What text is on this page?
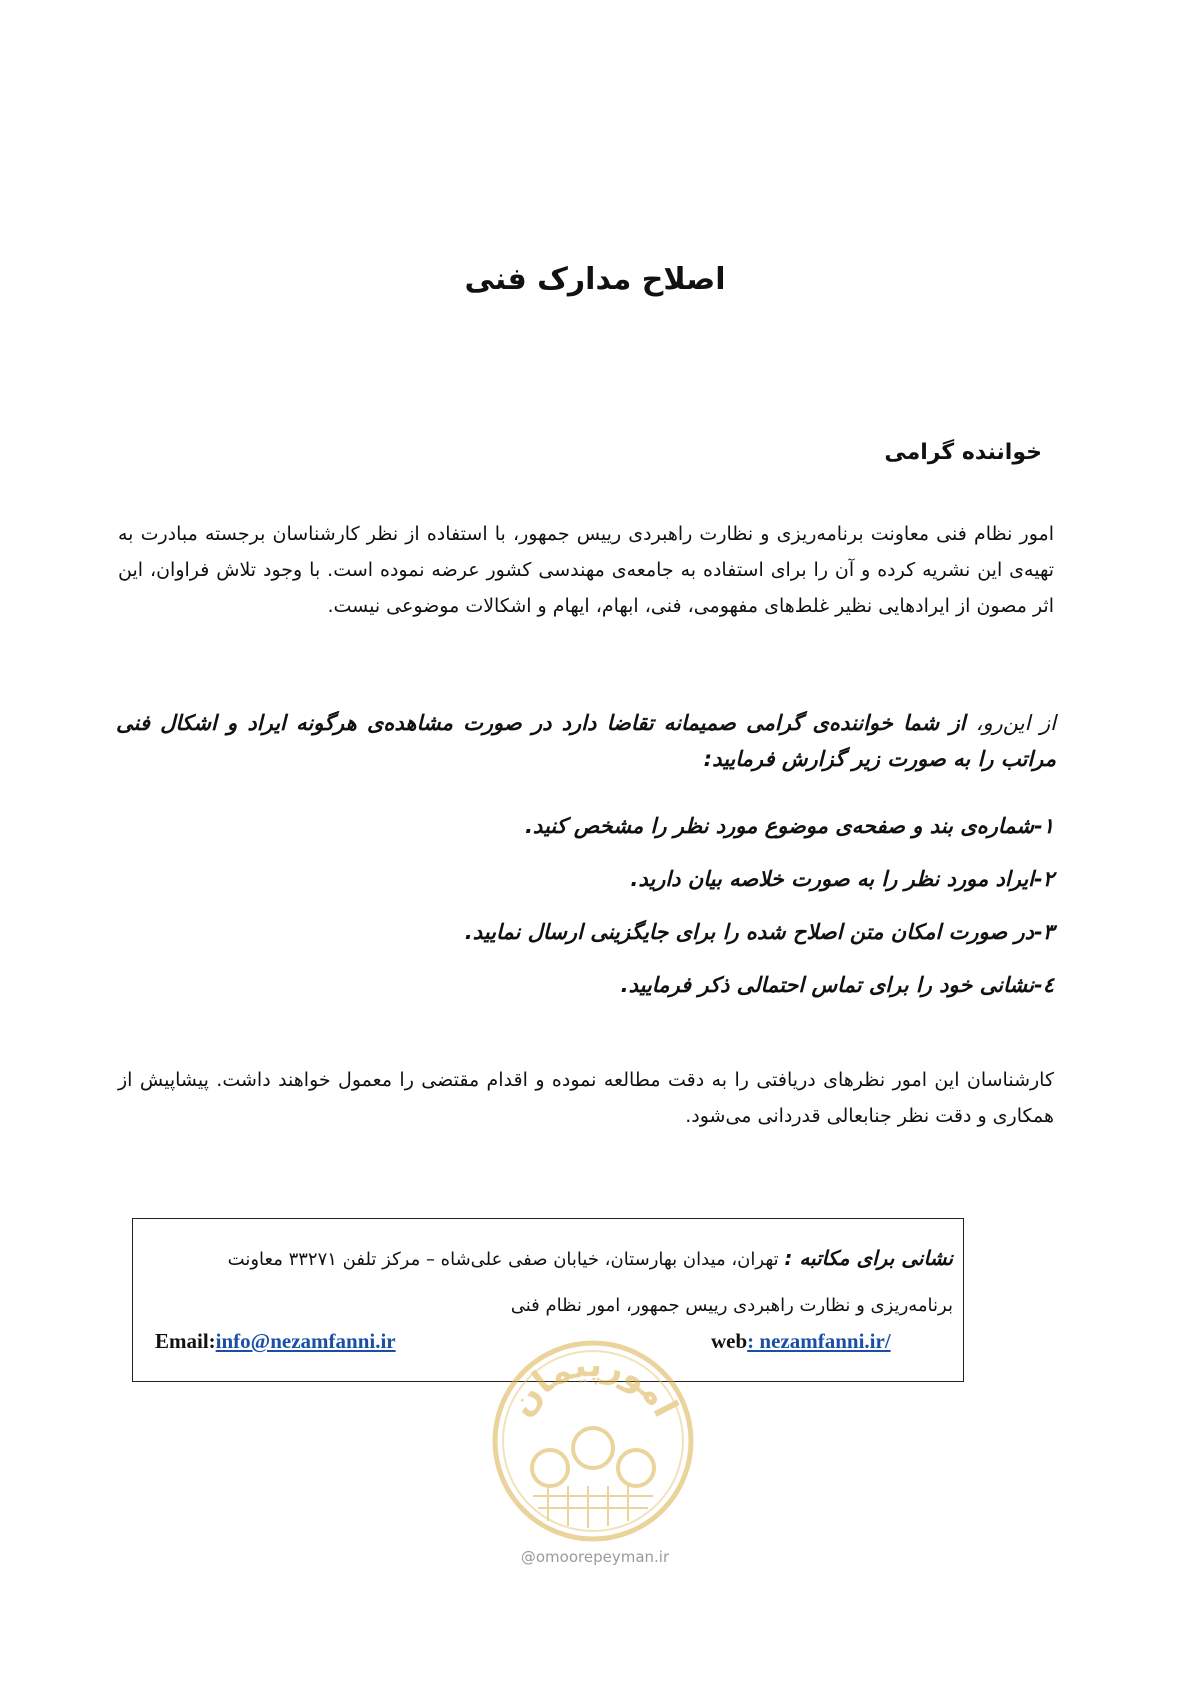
اصلاح مدارک فنی
خواننده گرامی
امور نظام فنی معاونت برنامه‌ریزی و نظارت راهبردی رییس جمهور، با استفاده از نظر کارشناسان برجسته مبادرت به تهیه‌ی این نشریه کرده و آن را برای استفاده به جامعه‌ی مهندسی کشور عرضه نموده است. با وجود تلاش فراوان، این اثر مصون از ایرادهایی نظیر غلط‌های مفهومی، فنی، ابهام، ایهام و اشکالات موضوعی نیست.
از این‌رو، از شما خواننده‌ی گرامی صمیمانه تقاضا دارد در صورت مشاهده‌ی هرگونه ایراد و اشکال فنی مراتب را به صورت زیر گزارش فرمایید:
۱-شماره‌ی بند و صفحه‌ی موضوع مورد نظر را مشخص کنید.
۲-ایراد مورد نظر را به صورت خلاصه بیان دارید.
۳-در صورت امکان متن اصلاح شده را برای جایگزینی ارسال نمایید.
٤-نشانی خود را برای تماس احتمالی ذکر فرمایید.
کارشناسان این امور نظرهای دریافتی را به دقت مطالعه نموده و اقدام مقتضی را معمول خواهند داشت. پیشاپیش از همکاری و دقت نظر جنابعالی قدردانی می‌شود.
نشانی برای مکاتبه : تهران، میدان بهارستان، خیابان صفی علی‌شاه – مرکز تلفن ۳۳۲۷۱ معاونت برنامه‌ریزی و نظارت راهبردی رییس جمهور، امور نظام فنی
Email:info@nezamfanni.ir	web: nezamfanni.ir/
امورپیمان
@omoorepeyman.ir
